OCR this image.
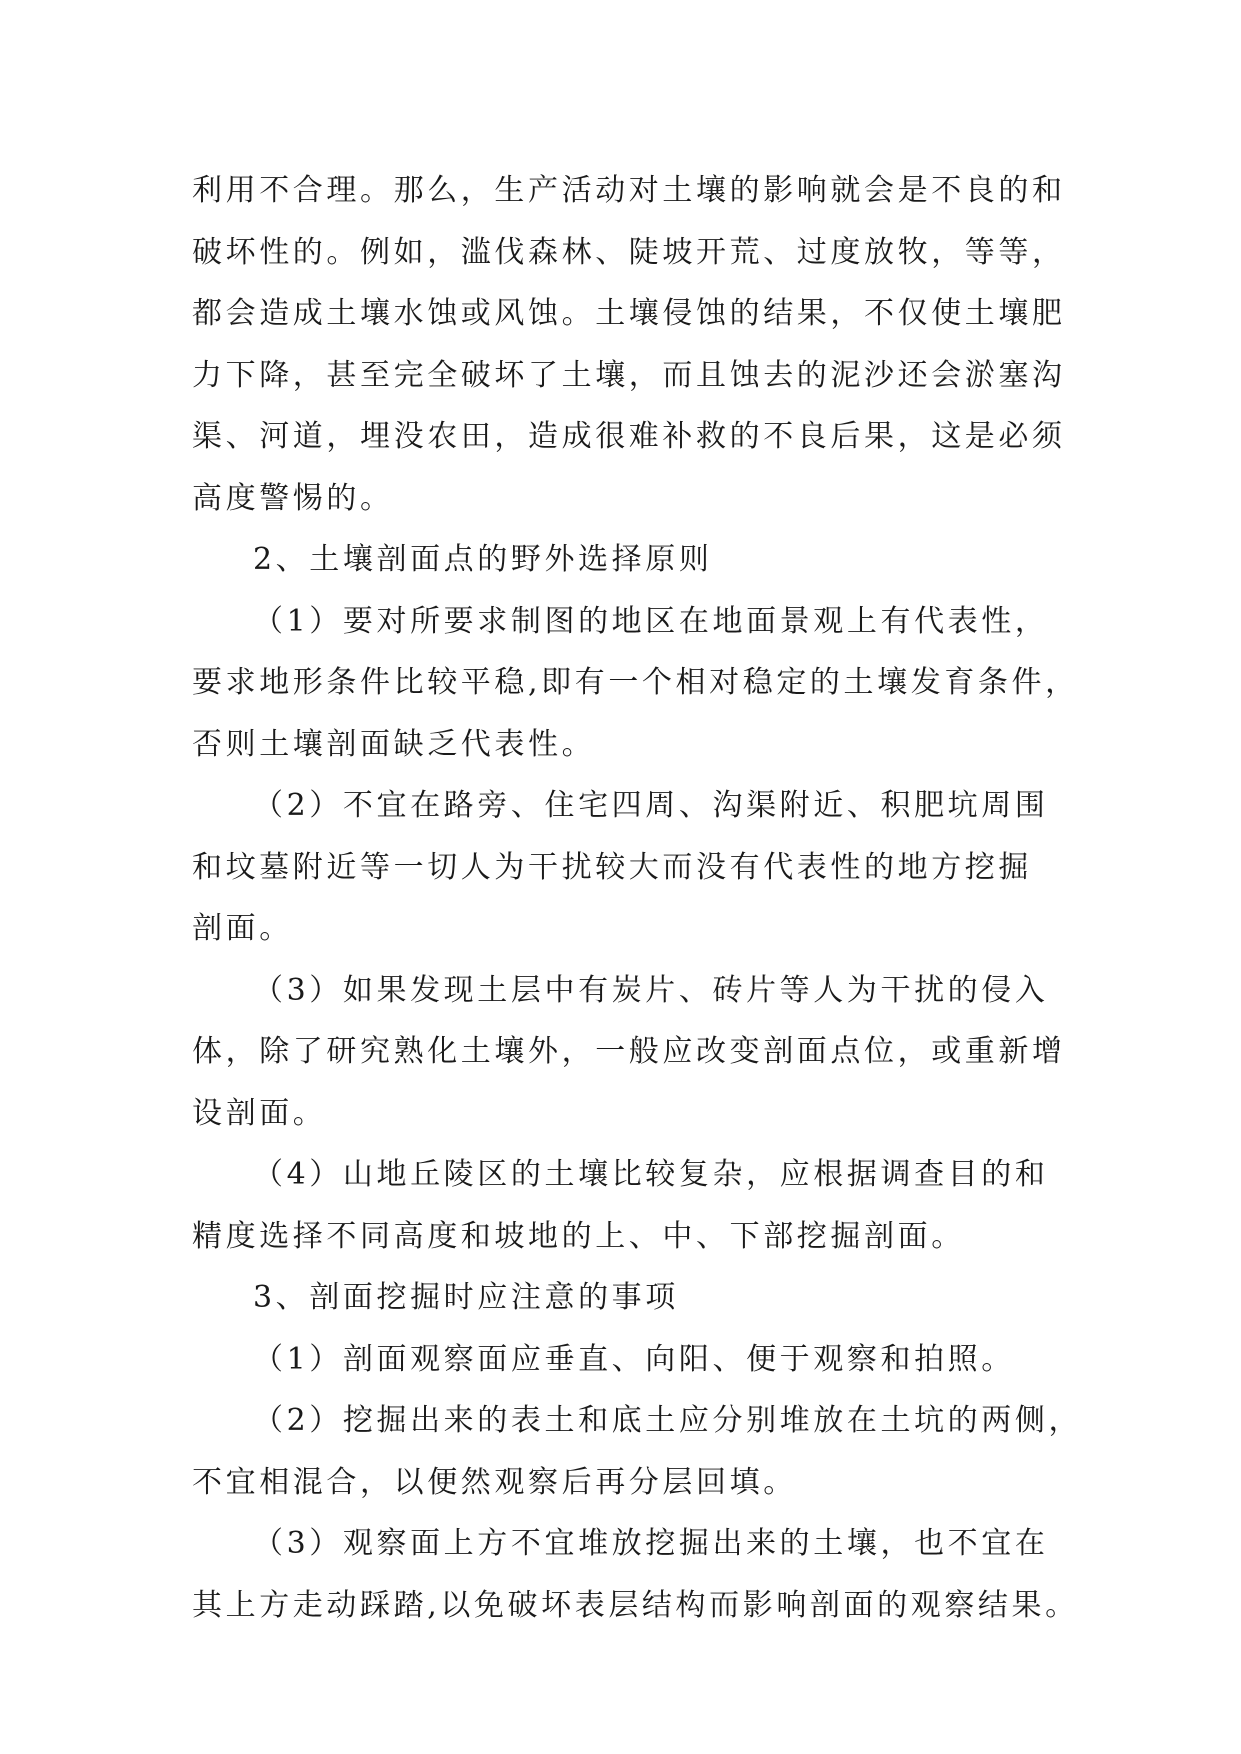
利用不合理。那么，生产活动对土壤的影响就会是不良的和
破坏性的。例如，滥伐森林、陡坡开荒、过度放牧，等等，
都会造成土壤水蚀或风蚀。土壤侵蚀的结果，不仅使土壤肥
力下降，甚至完全破坏了土壤，而且蚀去的泥沙还会淤塞沟
渠、河道，埋没农田，造成很难补救的不良后果，这是必须
高度警惕的。
2、土壤剖面点的野外选择原则
（1）要对所要求制图的地区在地面景观上有代表性，
要求地形条件比较平稳,即有一个相对稳定的土壤发育条件，
否则土壤剖面缺乏代表性。
（2）不宜在路旁、住宅四周、沟渠附近、积肥坑周围
和坟墓附近等一切人为干扰较大而没有代表性的地方挖掘
剖面。
（3）如果发现土层中有炭片、砖片等人为干扰的侵入
体，除了研究熟化土壤外，一般应改变剖面点位，或重新增
设剖面。
（4）山地丘陵区的土壤比较复杂，应根据调查目的和
精度选择不同高度和坡地的上、中、下部挖掘剖面。
3、剖面挖掘时应注意的事项
（1）剖面观察面应垂直、向阳、便于观察和拍照。
（2）挖掘出来的表土和底土应分别堆放在土坑的两侧，
不宜相混合，以便然观察后再分层回填。
（3）观察面上方不宜堆放挖掘出来的土壤，也不宜在
其上方走动踩踏,以免破坏表层结构而影响剖面的观察结果。
